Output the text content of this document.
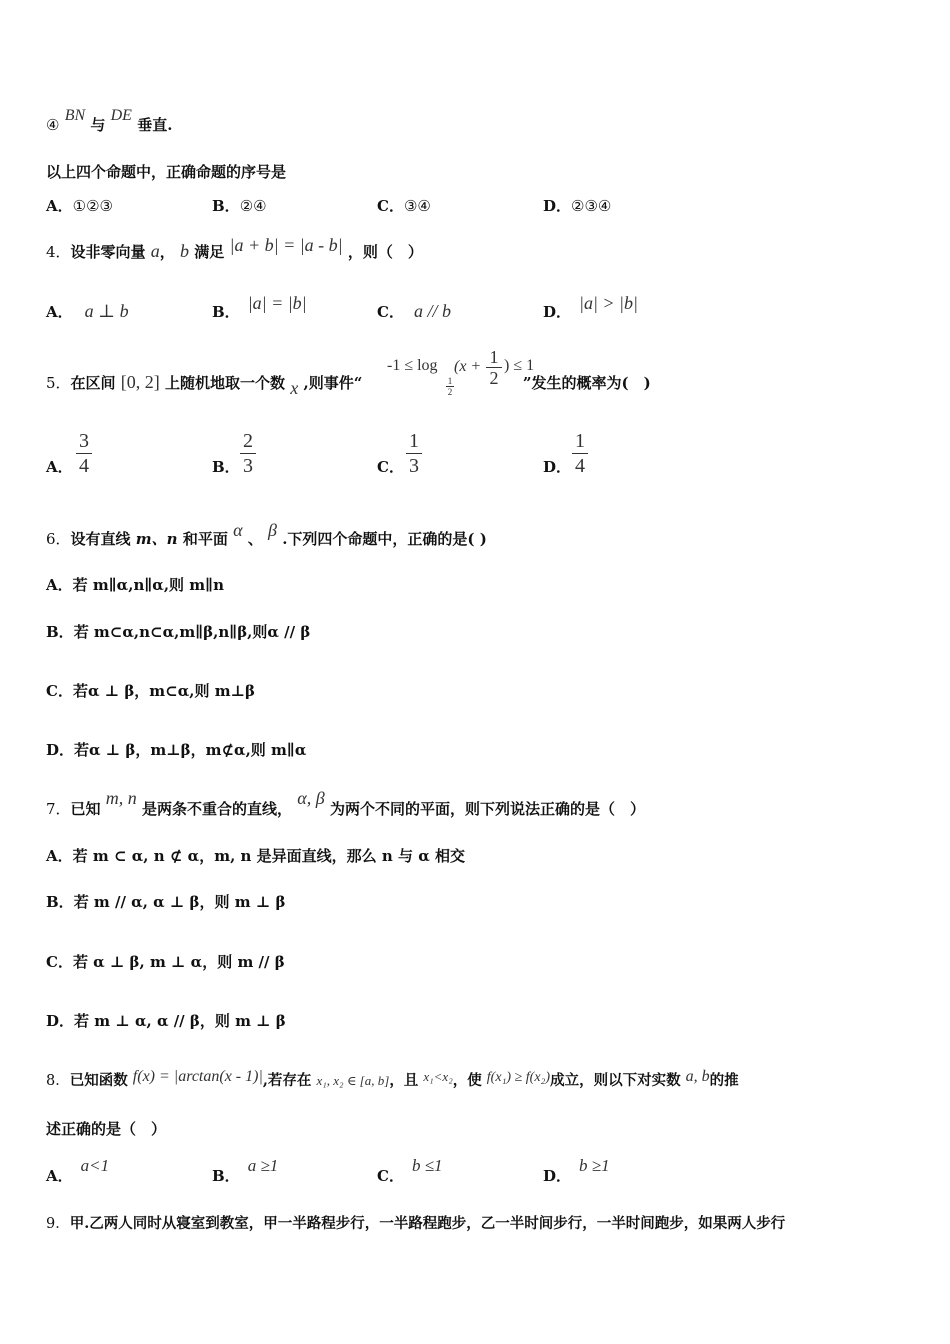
④ BN 与 DE 垂直.
以上四个命题中，正确命题的序号是
A．①②③	B．②④	C．③④	D．②③④
4．设非零向量 a， b 满足 |a + b| = |a - b| ，则（　）
A． a ⊥ b	B． |a| = |b|	C． a // b	D． |a| > |b|
5．在区间 [0, 2] 上随机地取一个数 x ,则事件“	”发生的概率为(　)
-1 ≤ log
1
2
(x + 1
2
) ≤ 1
A．
3
4	B．
2
3	C．
1
3	D．
1
4
6．设有直线 m、n 和平面 α 、 β .下列四个命题中，正确的是( )
A．若 m∥α,n∥α,则 m∥n
B．若 m⊂α,n⊂α,m∥β,n∥β,则α // β
C．若α ⊥ β，m⊂α,则 m⊥β
D．若α ⊥ β，m⊥β，m⊄α,则 m∥α
7．已知 m, n 是两条不重合的直线， α, β 为两个不同的平面，则下列说法正确的是（　）
A．若 m ⊂ α, n ⊄ α，m, n 是异面直线，那么 n 与 α 相交
B．若 m // α, α ⊥ β，则 m ⊥ β
C．若 α ⊥ β, m ⊥ α，则 m // β
D．若 m ⊥ α, α // β，则 m ⊥ β
8．已知函数 f(x) = |arctan(x - 1)|,若存在 x₁, x₂ ∈ [a, b]，且 x₁<x₂，使 f(x₁) ≥ f(x₂)成立，则以下对实数 a, b的推
述正确的是（　）
A．a<1
B．a ≥1
C．b ≤1
D．b ≥1
9．甲.乙两人同时从寝室到教室，甲一半路程步行，一半路程跑步，乙一半时间步行，一半时间跑步，如果两人步行
